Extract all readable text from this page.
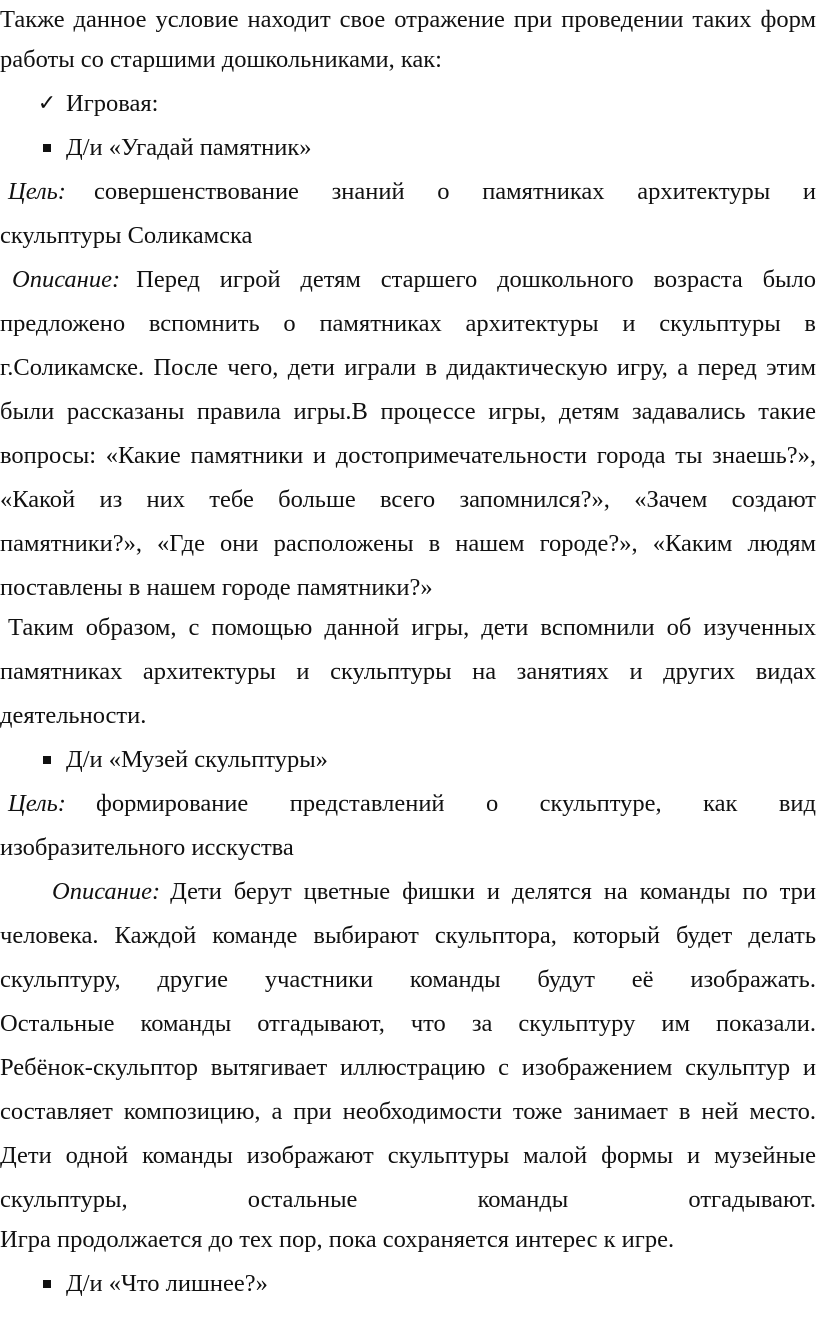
Также данное условие находит свое отражение при проведении таких форм
работы со старшими дошкольниками, как:
✓ Игровая:
Д/и «Угадай памятник»
Цель: совершенствование знаний о памятниках архитектуры и
скульптуры Соликамска
Описание: Перед игрой детям старшего дошкольного возраста было
предложено вспомнить о памятниках архитектуры и скульптуры в
г.Соликамске. После чего, дети играли в дидактическую игру, а перед этим
были рассказаны правила игры.В процессе игры, детям задавались такие
вопросы: «Какие памятники и достопримечательности города ты знаешь?»,
«Какой из них тебе больше всего запомнился?», «Зачем создают
памятники?», «Где они расположены в нашем городе?», «Каким людям
поставлены в нашем городе памятники?»
Таким образом, с помощью данной игры, дети вспомнили об изученных
памятниках архитектуры и скульптуры на занятиях и других видах
деятельности.
Д/и «Музей скульптуры»
Цель: формирование представлений о скульптуре, как вид
изобразительного исскуства
Описание: Дети берут цветные фишки и делятся на команды по три
человека. Каждой команде выбирают скульптора, который будет делать
скульптуру, другие участники команды будут её изображать.
Остальные команды отгадывают, что за скульптуру им показали.
Ребёнок-скульптор вытягивает иллюстрацию с изображением скульптур и
составляет композицию, а при необходимости тоже занимает в ней место.
Дети одной команды изображают скульптуры малой формы и музейные
скульптуры, остальные команды отгадывают.
Игра продолжается до тех пор, пока сохраняется интерес к игре.
Д/и «Что лишнее?»
